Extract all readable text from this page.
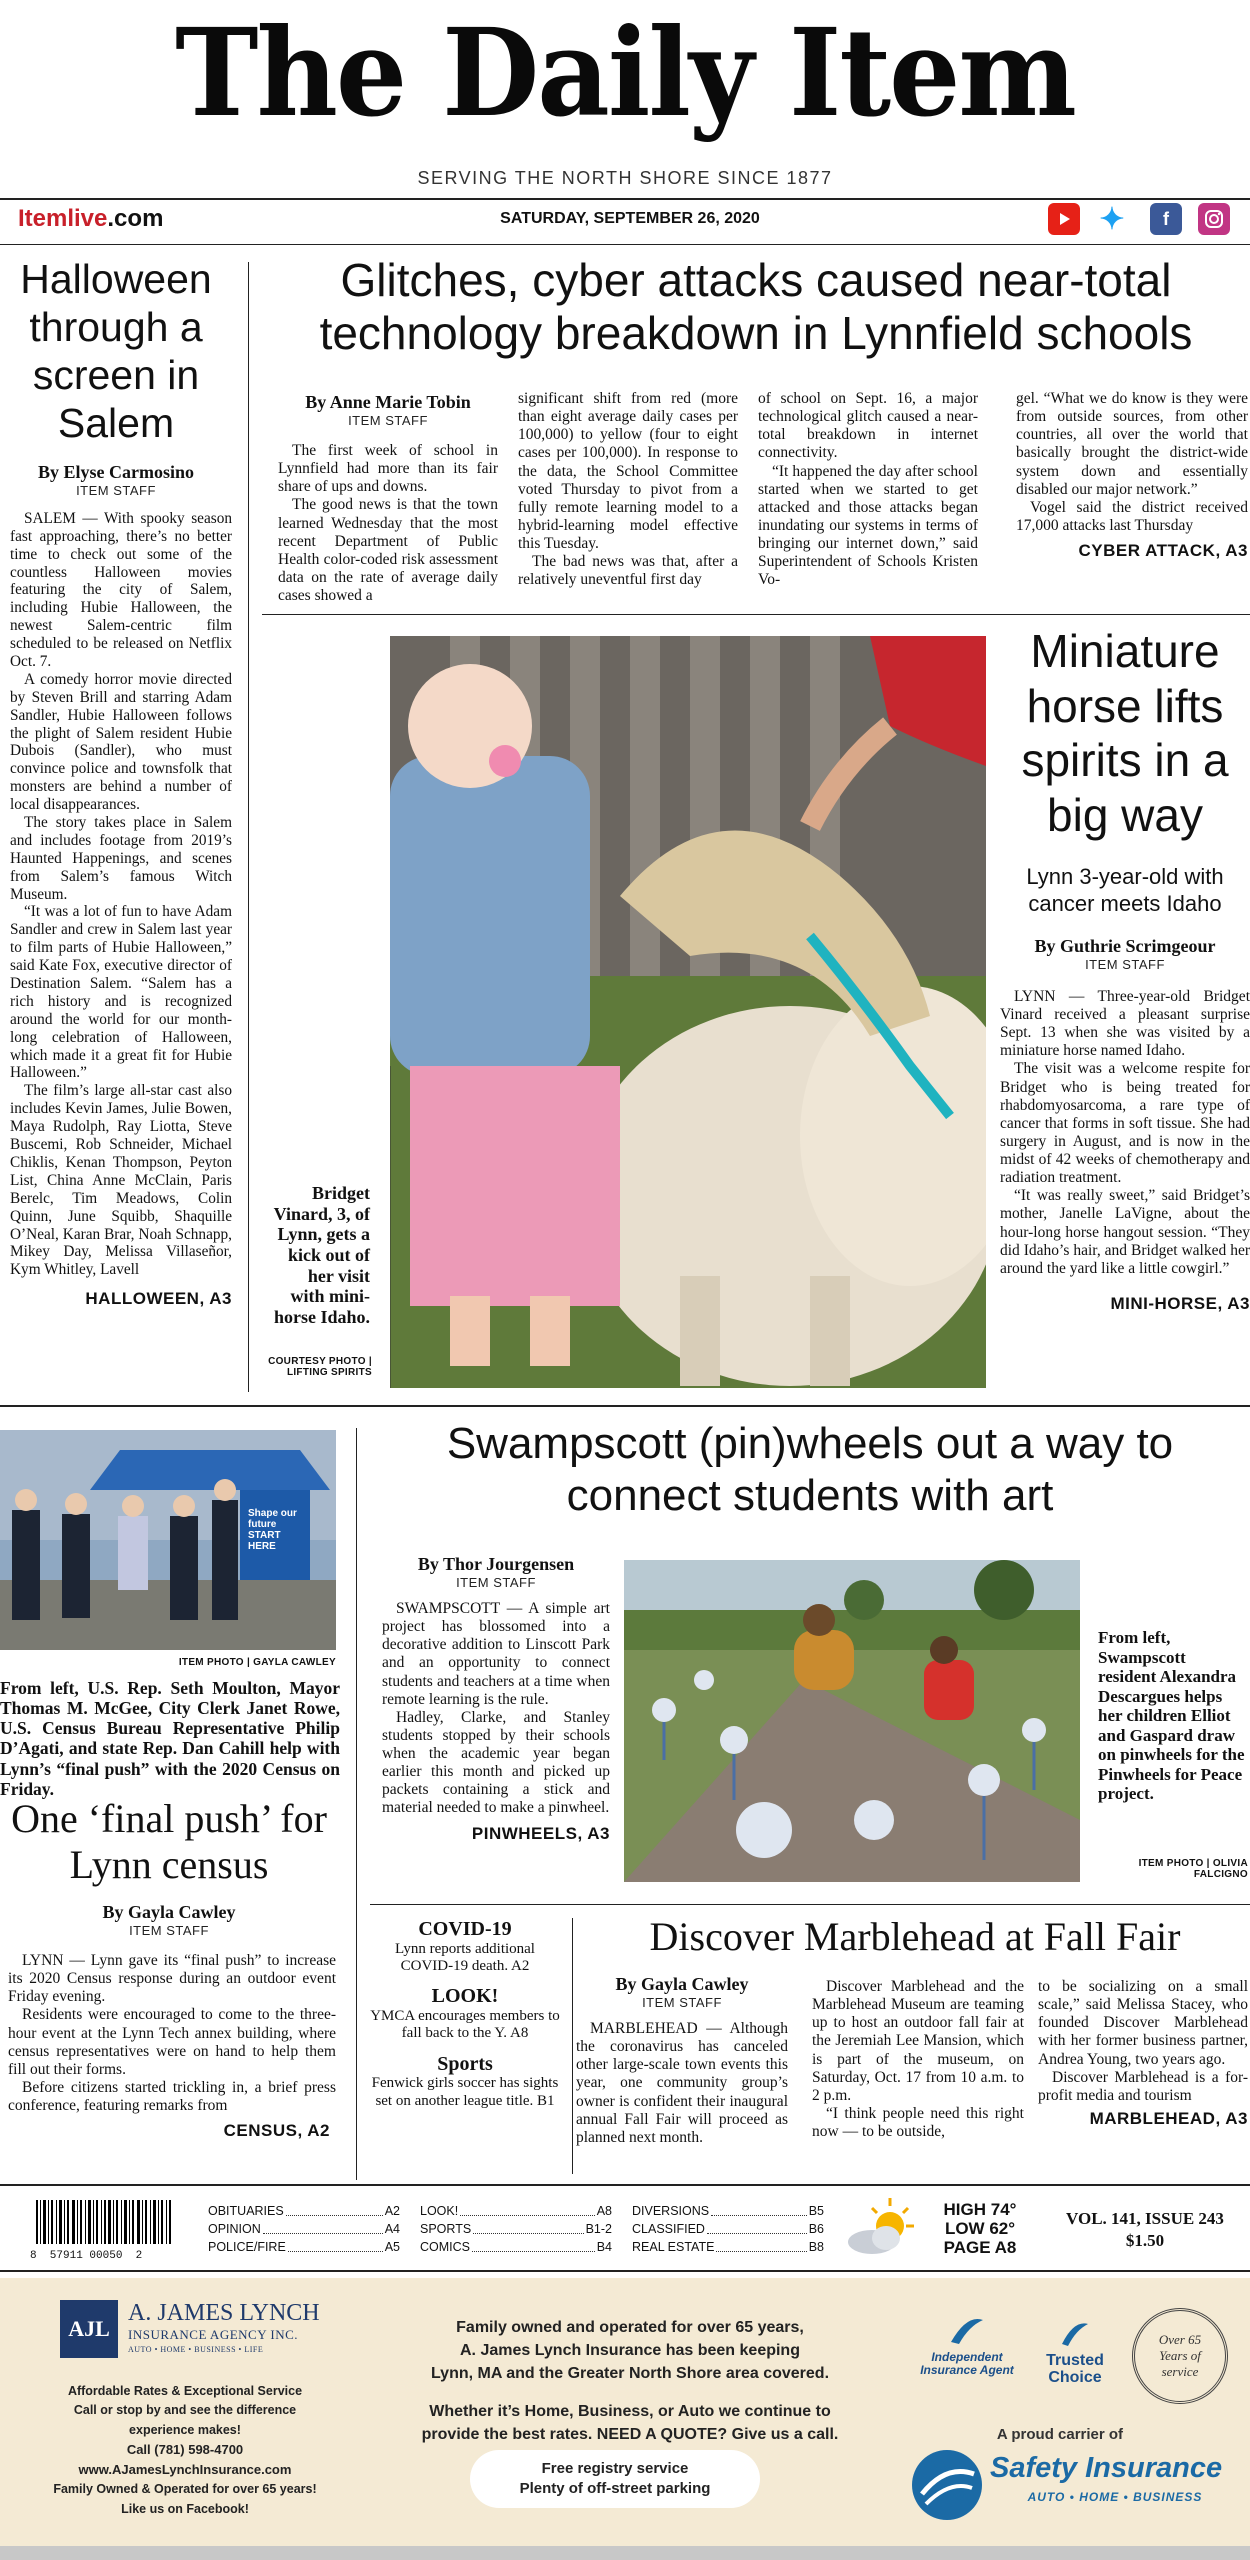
The Daily Item
SERVING THE NORTH SHORE SINCE 1877
Itemlive.com	SATURDAY, SEPTEMBER 26, 2020	✦	f
Halloween through a screen in Salem
By Elyse Carmosino
ITEM STAFF

SALEM — With spooky season fast approaching, there’s no better time to check out some of the countless Halloween movies featuring the city of Salem, including Hubie Halloween, the newest Salem-centric film scheduled to be released on Netflix Oct. 7.

A comedy horror movie directed by Steven Brill and starring Adam Sandler, Hubie Halloween follows the plight of Salem resident Hubie Dubois (Sandler), who must convince police and townsfolk that monsters are behind a number of local disappearances.

The story takes place in Salem and includes footage from 2019’s Haunted Happenings, and scenes from Salem’s famous Witch Museum.

“It was a lot of fun to have Adam Sandler and crew in Salem last year to film parts of Hubie Halloween,” said Kate Fox, executive director of Destination Salem. “Salem has a rich history and is recognized around the world for our month-long celebration of Halloween, which made it a great fit for Hubie Halloween.”

The film’s large all-star cast also includes Kevin James, Julie Bowen, Maya Rudolph, Ray Liotta, Steve Buscemi, Rob Schneider, Michael Chiklis, Kenan Thompson, Peyton List, China Anne McClain, Paris Berelc, Tim Meadows, Colin Quinn, June Squibb, Shaquille O’Neal, Karan Brar, Noah Schnapp, Mikey Day, Melissa Villaseñor, Kym Whitley, Lavell

HALLOWEEN, A3
Glitches, cyber attacks caused near-total technology breakdown in Lynnfield schools
By Anne Marie Tobin
ITEM STAFF

The first week of school in Lynnfield had more than its fair share of ups and downs.

The good news is that the town learned Wednesday that the most recent Department of Public Health color-coded risk assessment data on the rate of average daily cases showed a

significant shift from red (more than eight average daily cases per 100,000) to yellow (four to eight cases per 100,000). In response to the data, the School Committee voted Thursday to pivot from a fully remote learning model to a hybrid-learning model effective this Tuesday.

The bad news was that, after a relatively uneventful first day

of school on Sept. 16, a major technological glitch caused a near-total breakdown in internet connectivity.

“It happened the day after school started when we started to get attacked and those attacks began inundating our systems in terms of bringing our internet down,” said Superintendent of Schools Kristen Vo-

gel. “What we do know is they were from outside sources, from other countries, all over the world that basically brought the district-wide system down and essentially disabled our major network.”

Vogel said the district received 17,000 attacks last Thursday

CYBER ATTACK, A3
Bridget Vinard, 3, of Lynn, gets a kick out of her visit with mini-horse Idaho.
COURTESY PHOTO | LIFTING SPIRITS
Miniature horse lifts spirits in a big way
Lynn 3-year-old with cancer meets Idaho
By Guthrie Scrimgeour
ITEM STAFF

LYNN — Three-year-old Bridget Vinard received a pleasant surprise Sept. 13 when she was visited by a miniature horse named Idaho.

The visit was a welcome respite for Bridget who is being treated for rhabdomyosarcoma, a rare type of cancer that forms in soft tissue. She had surgery in August, and is now in the midst of 42 weeks of chemotherapy and radiation treatment.

“It was really sweet,” said Bridget’s mother, Janelle LaVigne, about the hour-long horse hangout session. “They did Idaho’s hair, and Bridget walked her around the yard like a little cowgirl.”

MINI-HORSE, A3
Shape our future START HERE
ITEM PHOTO | GAYLA CAWLEY
From left, U.S. Rep. Seth Moulton, Mayor Thomas M. McGee, City Clerk Janet Rowe, U.S. Census Bureau Representative Philip D’Agati, and state Rep. Dan Cahill help with Lynn’s “final push” with the 2020 Census on Friday.
One ‘final push’ for Lynn census
By Gayla Cawley
ITEM STAFF

LYNN — Lynn gave its “final push” to increase its 2020 Census response during an outdoor event Friday evening.

Residents were encouraged to come to the three-hour event at the Lynn Tech annex building, where census representatives were on hand to help them fill out their forms.

Before citizens started trickling in, a brief press conference, featuring remarks from

CENSUS, A2
Swampscott (pin)wheels out a way to connect students with art
By Thor Jourgensen
ITEM STAFF

SWAMPSCOTT — A simple art project has blossomed into a decorative addition to Linscott Park and an opportunity to connect students and teachers at a time when remote learning is the rule.

Hadley, Clarke, and Stanley students stopped by their schools when the academic year began earlier this month and picked up packets containing a stick and material needed to make a pinwheel.

PINWHEELS, A3
From left, Swampscott resident Alexandra Descargues helps her children Elliot and Gaspard draw on pinwheels for the Pinwheels for Peace project.
ITEM PHOTO | OLIVIA FALCIGNO
COVID-19
Lynn reports additional COVID-19 death. A2
LOOK!
YMCA encourages members to fall back to the Y. A8
Sports
Fenwick girls soccer has sights set on another league title. B1
Discover Marblehead at Fall Fair
By Gayla Cawley
ITEM STAFF

MARBLEHEAD — Although the coronavirus has canceled other large-scale town events this year, one community group’s owner is confident their inaugural annual Fall Fair will proceed as planned next month.

Discover Marblehead and the Marblehead Museum are teaming up to host an outdoor fall fair at the Jeremiah Lee Mansion, which is part of the museum, on Saturday, Oct. 17 from 10 a.m. to 2 p.m.

“I think people need this right now — to be outside,

to be socializing on a small scale,” said Melissa Stacey, who founded Discover Marblehead with her former business partner, Andrea Young, two years ago.

Discover Marblehead is a for-profit media and tourism

MARBLEHEAD, A3
8  57911 00050  2
OBITUARIES	A2
OPINION	A4
POLICE/FIRE	A5
LOOK!	A8
SPORTS	B1-2
COMICS	B4
DIVERSIONS	B5
CLASSIFIED	B6
REAL ESTATE	B8
HIGH 74°
LOW 62°
PAGE A8
VOL. 141, ISSUE 243
$1.50
AJL
A. JAMES LYNCH
INSURANCE AGENCY INC.
AUTO • HOME • BUSINESS • LIFE
Affordable Rates & Exceptional Service
Call or stop by and see the difference
experience makes!
Call (781) 598-4700
www.AJamesLynchInsurance.com
Family Owned & Operated for over 65 years!
Like us on Facebook!
Family owned and operated for over 65 years,
A. James Lynch Insurance has been keeping
Lynn, MA and the Greater North Shore area covered.
Whether it’s Home, Business, or Auto we continue to
provide the best rates. NEED A QUOTE? Give us a call.
Free registry service
Plenty of off-street parking
Independent Insurance Agent
Trusted Choice
Over 65 Years of service
A proud carrier of
Safety Insurance
AUTO • HOME • BUSINESS
